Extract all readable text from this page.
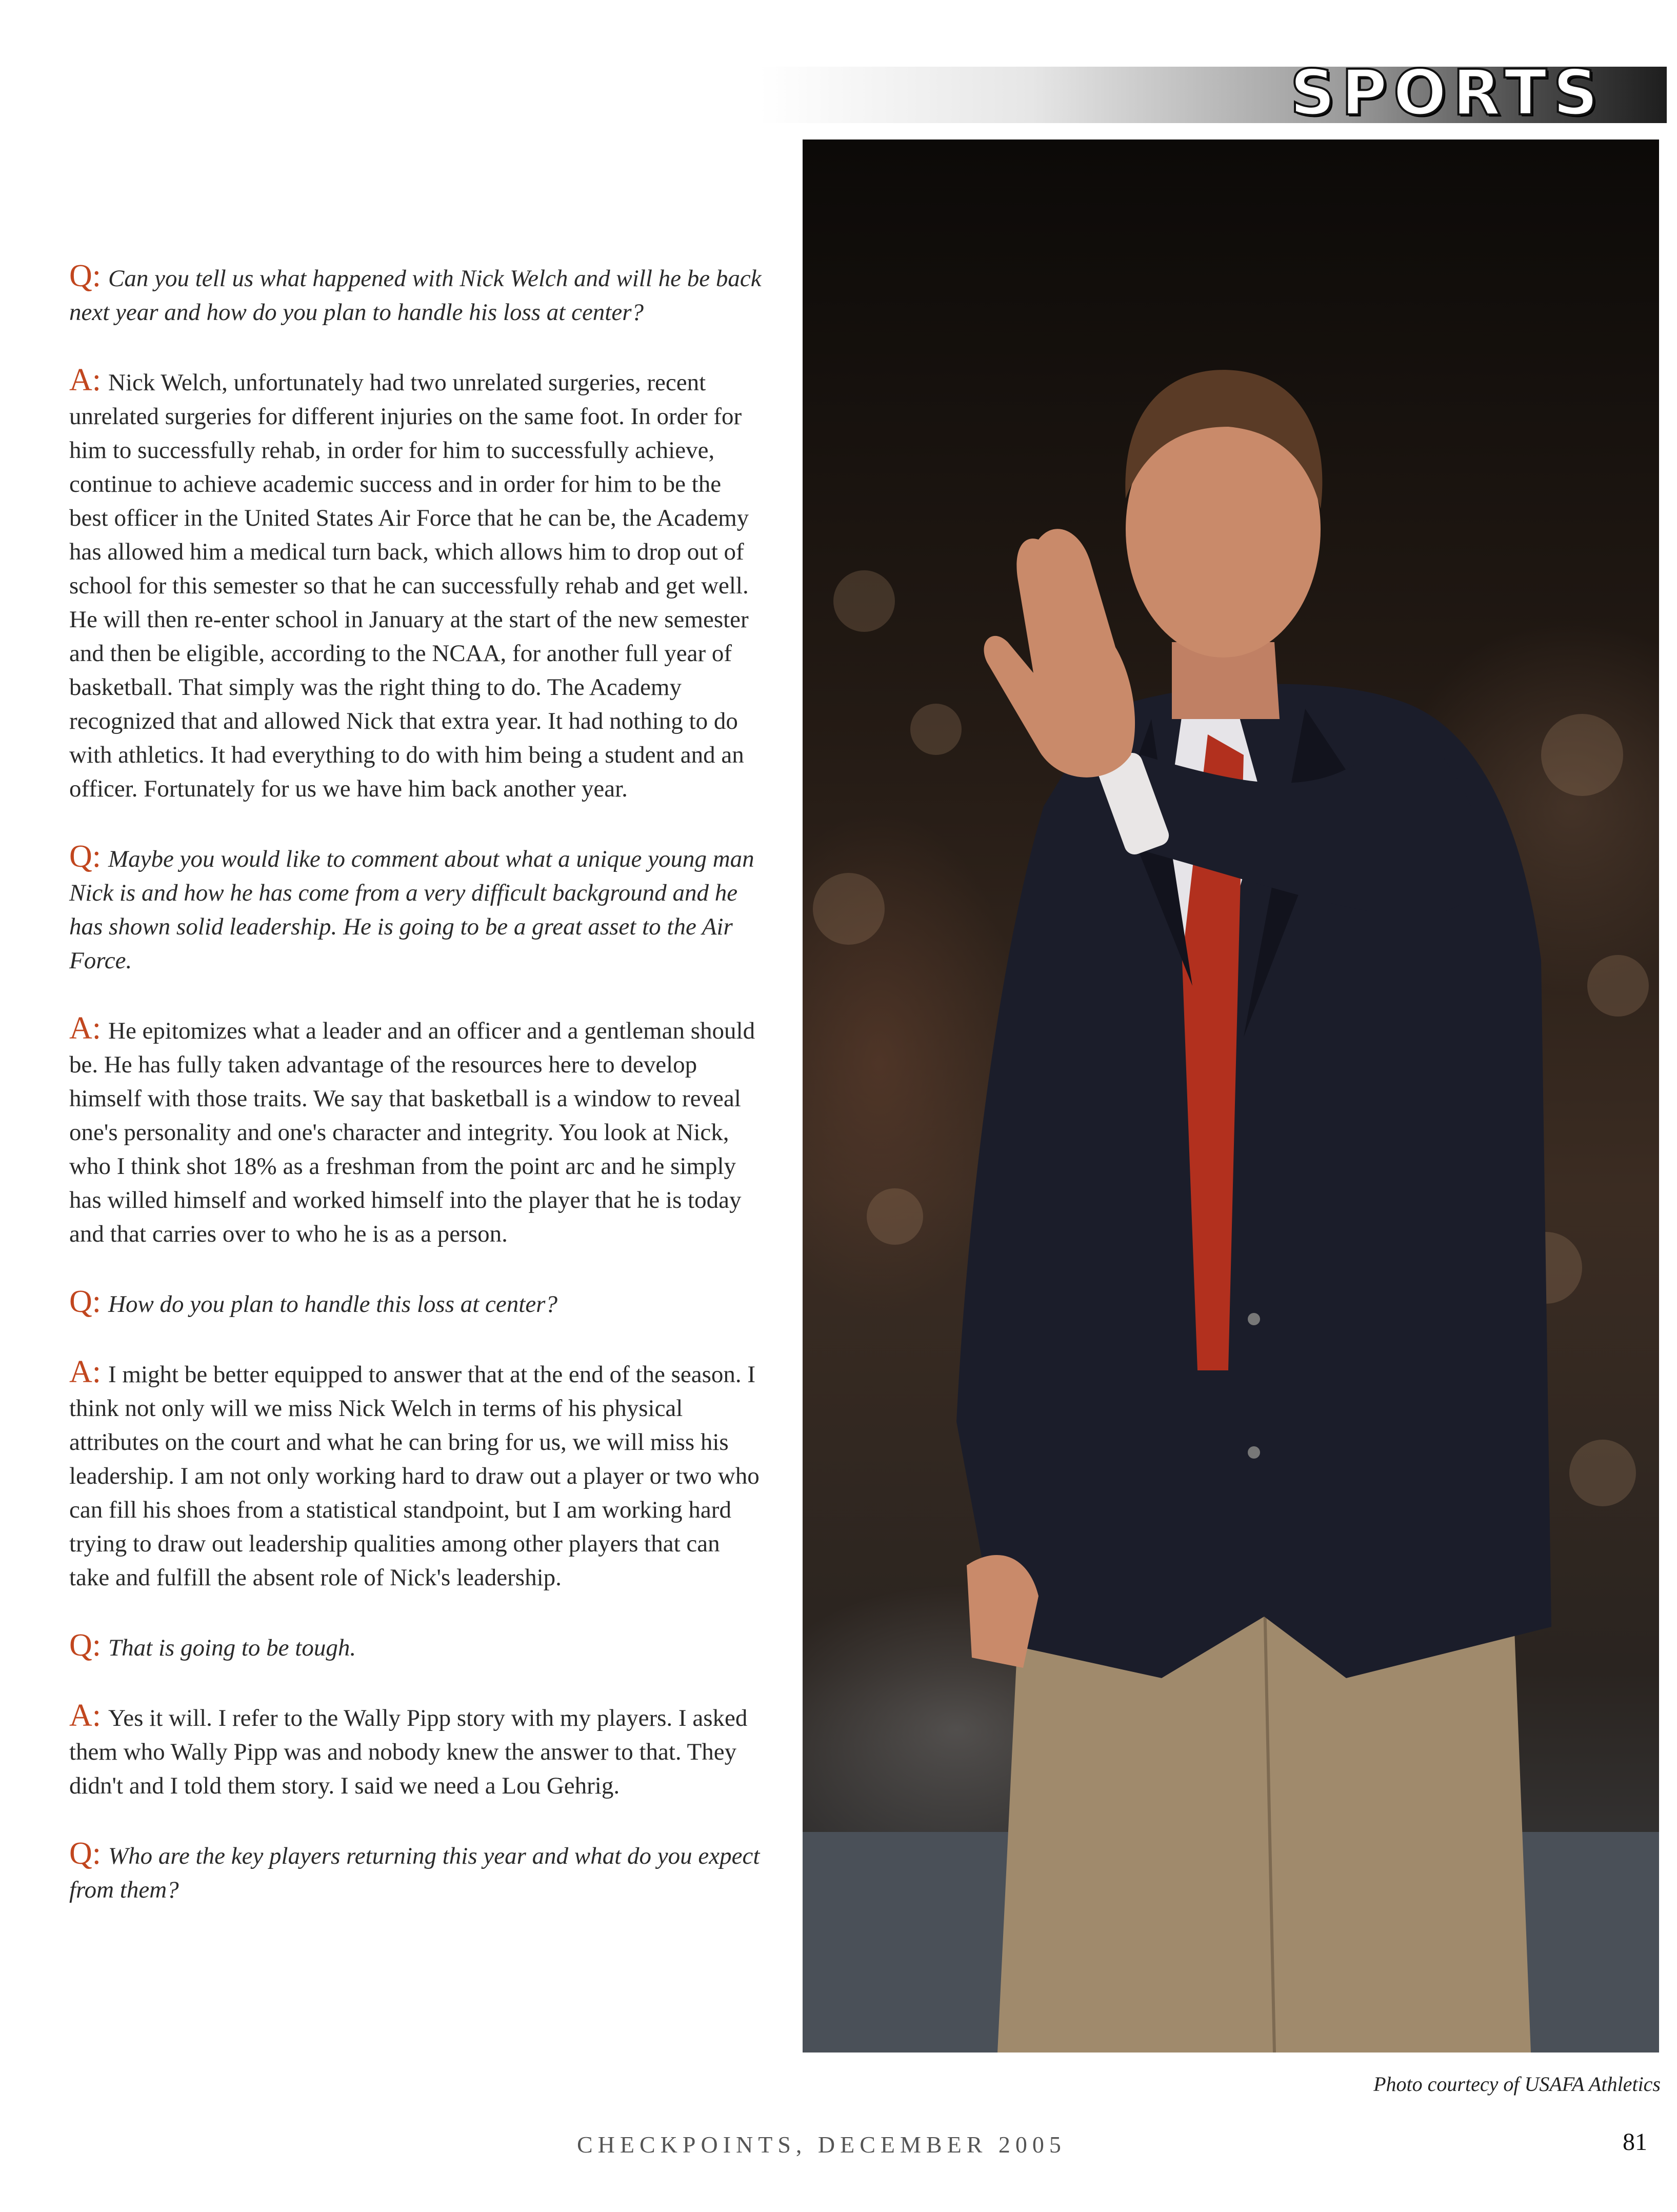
SPORTS
Q: Can you tell us what happened with Nick Welch and will he be back next year and how do you plan to handle his loss at center?
A: Nick Welch, unfortunately had two unrelated surgeries, recent unrelated surgeries for different injuries on the same foot. In order for him to successfully rehab, in order for him to successfully achieve, continue to achieve academic success and in order for him to be the best officer in the United States Air Force that he can be, the Academy has allowed him a medical turn back, which allows him to drop out of school for this semester so that he can successfully rehab and get well. He will then re-enter school in January at the start of the new semester and then be eligible, according to the NCAA, for another full year of basketball. That simply was the right thing to do. The Academy recognized that and allowed Nick that extra year. It had nothing to do with athletics. It had everything to do with him being a student and an officer. Fortunately for us we have him back another year.
Q: Maybe you would like to comment about what a unique young man Nick is and how he has come from a very difficult background and he has shown solid leadership. He is going to be a great asset to the Air Force.
A: He epitomizes what a leader and an officer and a gentleman should be. He has fully taken advantage of the resources here to develop himself with those traits. We say that basketball is a window to reveal one's personality and one's character and integrity. You look at Nick, who I think shot 18% as a freshman from the point arc and he simply has willed himself and worked himself into the player that he is today and that carries over to who he is as a person.
Q: How do you plan to handle this loss at center?
A: I might be better equipped to answer that at the end of the season. I think not only will we miss Nick Welch in terms of his physical attributes on the court and what he can bring for us, we will miss his leadership. I am not only working hard to draw out a player or two who can fill his shoes from a statistical standpoint, but I am working hard trying to draw out leadership qualities among other players that can take and fulfill the absent role of Nick's leadership.
Q: That is going to be tough.
A: Yes it will. I refer to the Wally Pipp story with my players. I asked them who Wally Pipp was and nobody knew the answer to that. They didn't and I told them story. I said we need a Lou Gehrig.
Q: Who are the key players returning this year and what do you expect from them?
Photo courtecy of USAFA Athletics
CHECKPOINTS, DECEMBER 2005	81
